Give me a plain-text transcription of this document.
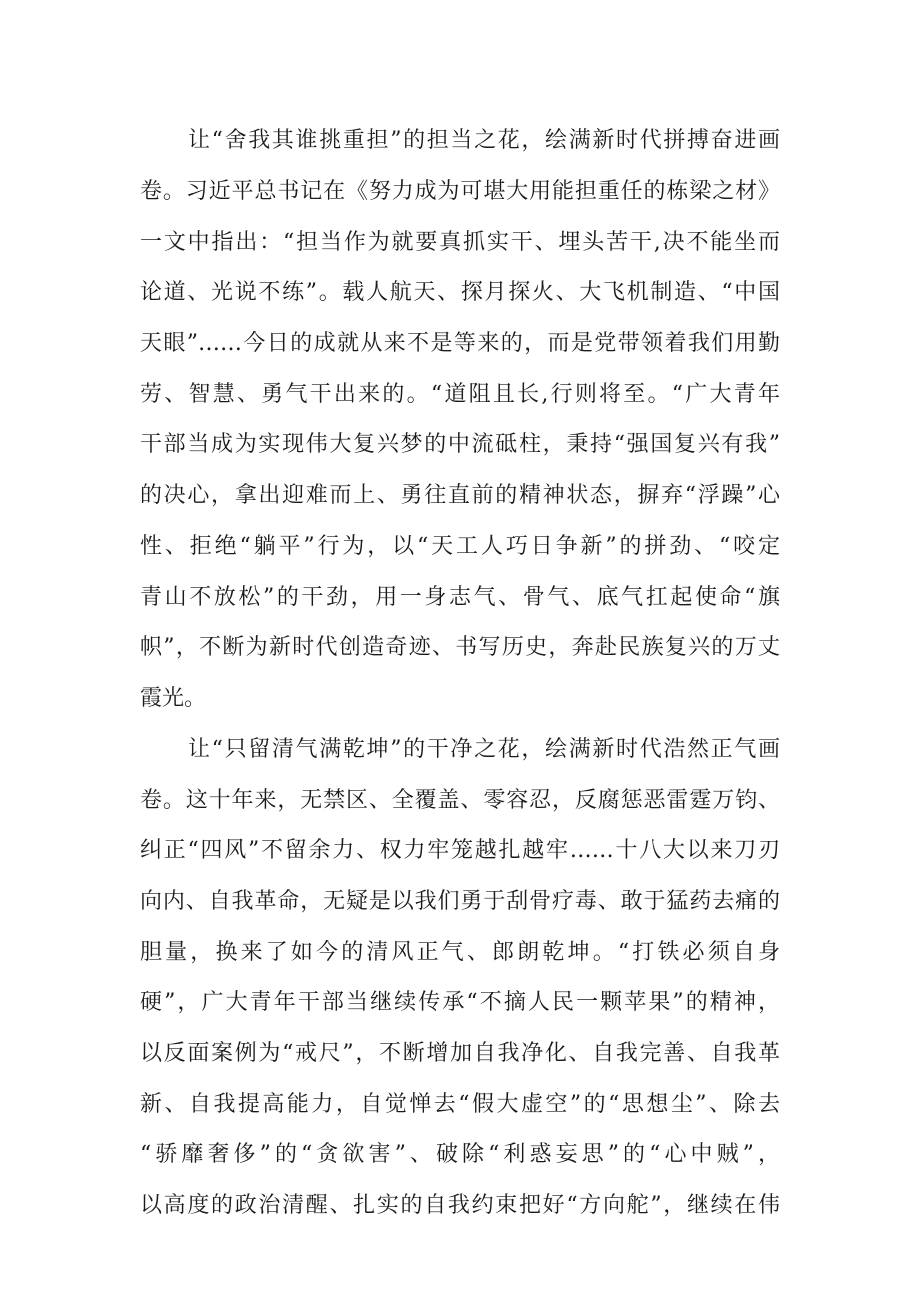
让“舍我其谁挑重担”的担当之花，绘满新时代拼搏奋进画
卷。习近平总书记在《努力成为可堪大用能担重任的栋梁之材》
一文中指出：“担当作为就要真抓实干、埋头苦干,决不能坐而
论道、光说不练”。载人航天、探月探火、大飞机制造、“中国
天眼”……今日的成就从来不是等来的，而是党带领着我们用勤
劳、智慧、勇气干出来的。“道阻且长,行则将至。“广大青年
干部当成为实现伟大复兴梦的中流砥柱，秉持“强国复兴有我”
的决心，拿出迎难而上、勇往直前的精神状态，摒弃“浮躁”心
性、拒绝“躺平”行为，以“天工人巧日争新”的拼劲、“咬定
青山不放松”的干劲，用一身志气、骨气、底气扛起使命“旗
帜”，不断为新时代创造奇迹、书写历史，奔赴民族复兴的万丈
霞光。
让“只留清气满乾坤”的干净之花，绘满新时代浩然正气画
卷。这十年来，无禁区、全覆盖、零容忍，反腐惩恶雷霆万钧、
纠正“四风”不留余力、权力牢笼越扎越牢……十八大以来刀刃
向内、自我革命，无疑是以我们勇于刮骨疗毒、敢于猛药去痛的
胆量，换来了如今的清风正气、郎朗乾坤。“打铁必须自身
硬”，广大青年干部当继续传承“不摘人民一颗苹果”的精神，
以反面案例为“戒尺”，不断增加自我净化、自我完善、自我革
新、自我提高能力，自觉惮去“假大虚空”的“思想尘”、除去
“骄靡奢侈”的“贪欲害”、破除“利惑妄思”的“心中贼”，
以高度的政治清醒、扎实的自我约束把好“方向舵”，继续在伟
